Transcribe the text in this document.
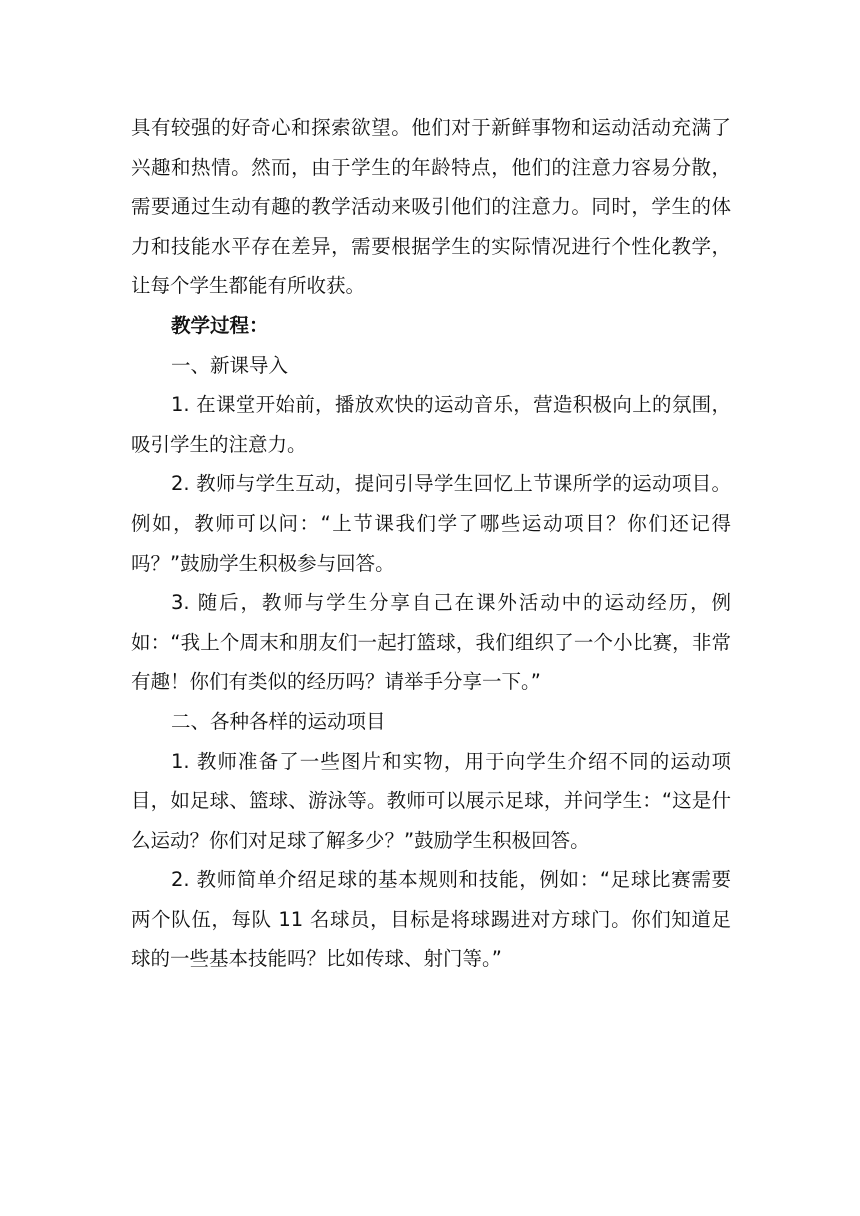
具有较强的好奇心和探索欲望。他们对于新鲜事物和运动活动充满了兴趣和热情。然而，由于学生的年龄特点，他们的注意力容易分散，需要通过生动有趣的教学活动来吸引他们的注意力。同时，学生的体力和技能水平存在差异，需要根据学生的实际情况进行个性化教学，让每个学生都能有所收获。

教学过程：

一、新课导入

1. 在课堂开始前，播放欢快的运动音乐，营造积极向上的氛围，吸引学生的注意力。

2. 教师与学生互动，提问引导学生回忆上节课所学的运动项目。例如，教师可以问：“上节课我们学了哪些运动项目？你们还记得吗？”鼓励学生积极参与回答。

3. 随后，教师与学生分享自己在课外活动中的运动经历，例如：“我上个周末和朋友们一起打篮球，我们组织了一个小比赛，非常有趣！你们有类似的经历吗？请举手分享一下。”

二、各种各样的运动项目

1. 教师准备了一些图片和实物，用于向学生介绍不同的运动项目，如足球、篮球、游泳等。教师可以展示足球，并问学生：“这是什么运动？你们对足球了解多少？”鼓励学生积极回答。

2. 教师简单介绍足球的基本规则和技能，例如：“足球比赛需要两个队伍，每队 11 名球员，目标是将球踢进对方球门。你们知道足球的一些基本技能吗？比如传球、射门等。”
